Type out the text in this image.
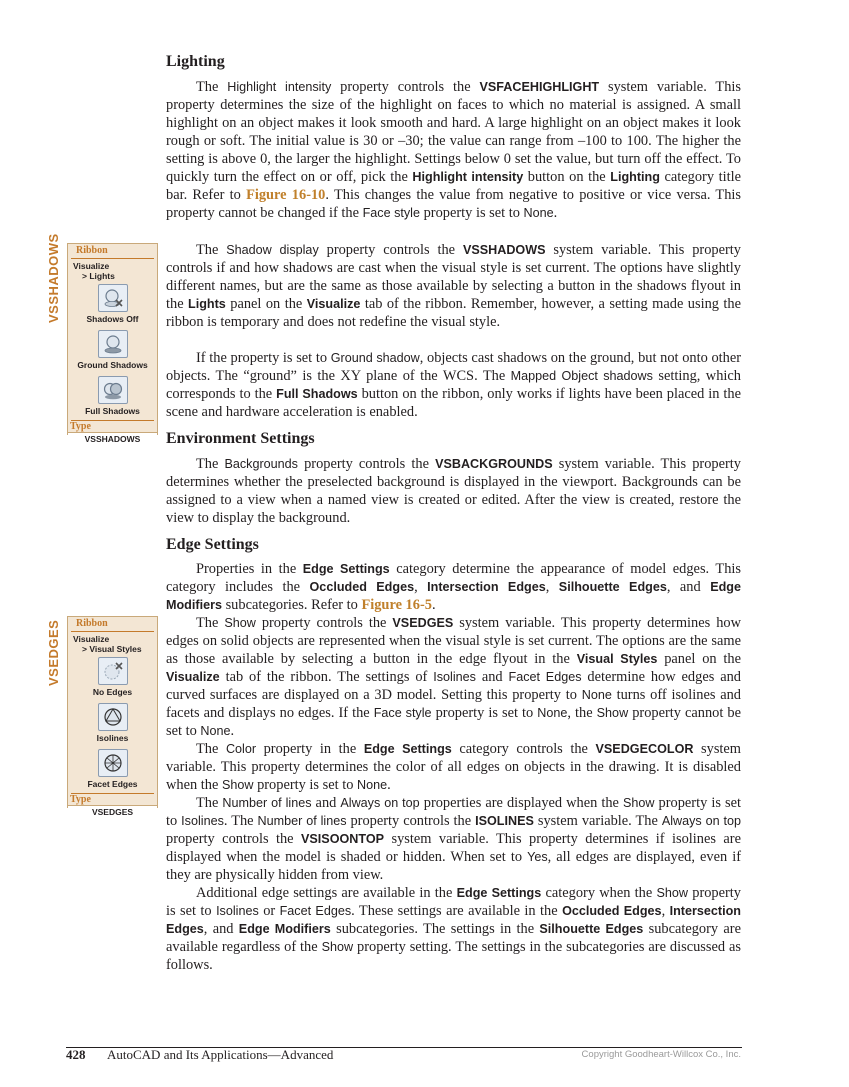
Lighting

The Highlight intensity property controls the VSFACEHIGHLIGHT system variable. This property determines the size of the highlight on faces to which no material is assigned. A small highlight on an object makes it look smooth and hard. A large highlight on an object makes it look rough or soft. The initial value is 30 or –30; the value can range from –100 to 100. The higher the setting is above 0, the larger the highlight. Settings below 0 set the value, but turn off the effect. To quickly turn the effect on or off, pick the Highlight intensity button on the Lighting category title bar. Refer to Figure 16-10. This changes the value from negative to positive or vice versa. This property cannot be changed if the Face style property is set to None.

The Shadow display property controls the VSSHADOWS system variable. This property controls if and how shadows are cast when the visual style is set current. The options have slightly different names, but are the same as those available by selecting a button in the shadows flyout in the Lights panel on the Visualize tab of the ribbon. Remember, however, a setting made using the ribbon is temporary and does not redefine the visual style.

If the property is set to Ground shadow, objects cast shadows on the ground, but not onto other objects. The “ground” is the XY plane of the WCS. The Mapped Object shadows setting, which corresponds to the Full Shadows button on the ribbon, only works if lights have been placed in the scene and hardware acceleration is enabled.

Environment Settings

The Backgrounds property controls the VSBACKGROUNDS system variable. This property determines whether the preselected background is displayed in the viewport. Backgrounds can be assigned to a view when a named view is created or edited. After the view is created, restore the view to display the background.

Edge Settings

Properties in the Edge Settings category determine the appearance of model edges. This category includes the Occluded Edges, Intersection Edges, Silhouette Edges, and Edge Modifiers subcategories. Refer to Figure 16-5.

The Show property controls the VSEDGES system variable. This property determines how edges on solid objects are represented when the visual style is set current. The options are the same as those available by selecting a button in the edge flyout in the Visual Styles panel on the Visualize tab of the ribbon. The settings of Isolines and Facet Edges determine how edges and curved surfaces are displayed on a 3D model. Setting this property to None turns off isolines and facets and displays no edges. If the Face style property is set to None, the Show property cannot be set to None.

The Color property in the Edge Settings category controls the VSEDGECOLOR system variable. This property determines the color of all edges on objects in the drawing. It is disabled when the Show property is set to None.

The Number of lines and Always on top properties are displayed when the Show property is set to Isolines. The Number of lines property controls the ISOLINES system variable. The Always on top property controls the VSISOONTOP system variable. This property determines if isolines are displayed when the model is shaded or hidden. When set to Yes, all edges are displayed, even if they are physically hidden from view.

Additional edge settings are available in the Edge Settings category when the Show property is set to Isolines or Facet Edges. These settings are available in the Occluded Edges, Intersection Edges, and Edge Modifiers subcategories. The settings in the Silhouette Edges subcategory are available regardless of the Show property setting. The settings in the subcategories are discussed as follows.

VSSHADOWS	Ribbon
Visualize
> Lights
Shadows Off
Ground Shadows
Full Shadows
Type
VSSHADOWS
VSEDGES	Ribbon
Visualize
> Visual Styles
No Edges
Isolines
Facet Edges
Type
VSEDGES
428 AutoCAD and Its Applications—Advanced	Copyright Goodheart-Willcox Co., Inc.
